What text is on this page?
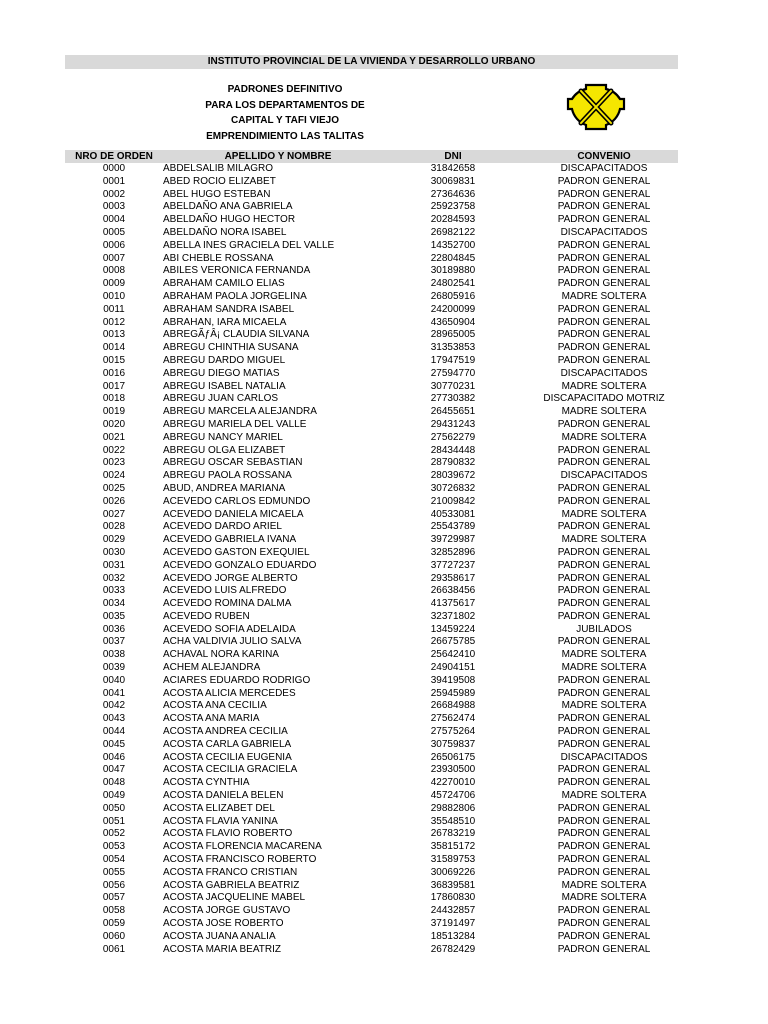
INSTITUTO PROVINCIAL DE LA VIVIENDA Y DESARROLLO URBANO
PADRONES DEFINITIVO
PARA LOS DEPARTAMENTOS DE
CAPITAL Y TAFI VIEJO
EMPRENDIMIENTO LAS TALITAS
NRO DE ORDEN	APELLIDO Y NOMBRE	DNI	CONVENIO
0000	ABDELSALIB MILAGRO	31842658	DISCAPACITADOS
0001	ABED ROCIO ELIZABET	30069831	PADRON GENERAL
0002	ABEL HUGO ESTEBAN	27364636	PADRON GENERAL
0003	ABELDAÑO ANA GABRIELA	25923758	PADRON GENERAL
0004	ABELDAÑO HUGO HECTOR	20284593	PADRON GENERAL
0005	ABELDAÑO NORA ISABEL	26982122	DISCAPACITADOS
0006	ABELLA INES GRACIELA DEL VALLE	14352700	PADRON GENERAL
0007	ABI CHEBLE ROSSANA	22804845	PADRON GENERAL
0008	ABILES VERONICA FERNANDA	30189880	PADRON GENERAL
0009	ABRAHAM CAMILO ELIAS	24802541	PADRON GENERAL
0010	ABRAHAM PAOLA JORGELINA	26805916	MADRE SOLTERA
0011	ABRAHAM SANDRA ISABEL	24200099	PADRON GENERAL
0012	ABRAHAN, IARA MICAELA	43650904	PADRON GENERAL
0013	ABREGÃƒÂ¡ CLAUDIA SILVANA	28965005	PADRON GENERAL
0014	ABREGU CHINTHIA SUSANA	31353853	PADRON GENERAL
0015	ABREGU DARDO MIGUEL	17947519	PADRON GENERAL
0016	ABREGU DIEGO MATIAS	27594770	DISCAPACITADOS
0017	ABREGU ISABEL NATALIA	30770231	MADRE SOLTERA
0018	ABREGU JUAN CARLOS	27730382	DISCAPACITADO MOTRIZ
0019	ABREGU MARCELA ALEJANDRA	26455651	MADRE SOLTERA
0020	ABREGU MARIELA DEL VALLE	29431243	PADRON GENERAL
0021	ABREGU NANCY MARIEL	27562279	MADRE SOLTERA
0022	ABREGU OLGA ELIZABET	28434448	PADRON GENERAL
0023	ABREGU OSCAR SEBASTIAN	28790832	PADRON GENERAL
0024	ABREGU PAOLA ROSSANA	28039672	DISCAPACITADOS
0025	ABUD, ANDREA MARIANA	30726832	PADRON GENERAL
0026	ACEVEDO CARLOS EDMUNDO	21009842	PADRON GENERAL
0027	ACEVEDO DANIELA MICAELA	40533081	MADRE SOLTERA
0028	ACEVEDO DARDO ARIEL	25543789	PADRON GENERAL
0029	ACEVEDO GABRIELA IVANA	39729987	MADRE SOLTERA
0030	ACEVEDO GASTON EXEQUIEL	32852896	PADRON GENERAL
0031	ACEVEDO GONZALO EDUARDO	37727237	PADRON GENERAL
0032	ACEVEDO JORGE ALBERTO	29358617	PADRON GENERAL
0033	ACEVEDO LUIS ALFREDO	26638456	PADRON GENERAL
0034	ACEVEDO ROMINA DALMA	41375617	PADRON GENERAL
0035	ACEVEDO RUBEN	32371802	PADRON GENERAL
0036	ACEVEDO SOFIA ADELAIDA	13459224	JUBILADOS
0037	ACHA VALDIVIA JULIO SALVA	26675785	PADRON GENERAL
0038	ACHAVAL NORA KARINA	25642410	MADRE SOLTERA
0039	ACHEM ALEJANDRA	24904151	MADRE SOLTERA
0040	ACIARES EDUARDO RODRIGO	39419508	PADRON GENERAL
0041	ACOSTA ALICIA MERCEDES	25945989	PADRON GENERAL
0042	ACOSTA ANA CECILIA	26684988	MADRE SOLTERA
0043	ACOSTA ANA MARIA	27562474	PADRON GENERAL
0044	ACOSTA ANDREA CECILIA	27575264	PADRON GENERAL
0045	ACOSTA CARLA GABRIELA	30759837	PADRON GENERAL
0046	ACOSTA CECILIA EUGENIA	26506175	DISCAPACITADOS
0047	ACOSTA CECILIA GRACIELA	23930500	PADRON GENERAL
0048	ACOSTA CYNTHIA	42270010	PADRON GENERAL
0049	ACOSTA DANIELA BELEN	45724706	MADRE SOLTERA
0050	ACOSTA ELIZABET DEL	29882806	PADRON GENERAL
0051	ACOSTA FLAVIA YANINA	35548510	PADRON GENERAL
0052	ACOSTA FLAVIO ROBERTO	26783219	PADRON GENERAL
0053	ACOSTA FLORENCIA MACARENA	35815172	PADRON GENERAL
0054	ACOSTA FRANCISCO ROBERTO	31589753	PADRON GENERAL
0055	ACOSTA FRANCO CRISTIAN	30069226	PADRON GENERAL
0056	ACOSTA GABRIELA BEATRIZ	36839581	MADRE SOLTERA
0057	ACOSTA JACQUELINE MABEL	17860830	MADRE SOLTERA
0058	ACOSTA JORGE GUSTAVO	24432857	PADRON GENERAL
0059	ACOSTA JOSE ROBERTO	37191497	PADRON GENERAL
0060	ACOSTA JUANA ANALIA	18513284	PADRON GENERAL
0061	ACOSTA MARIA BEATRIZ	26782429	PADRON GENERAL
